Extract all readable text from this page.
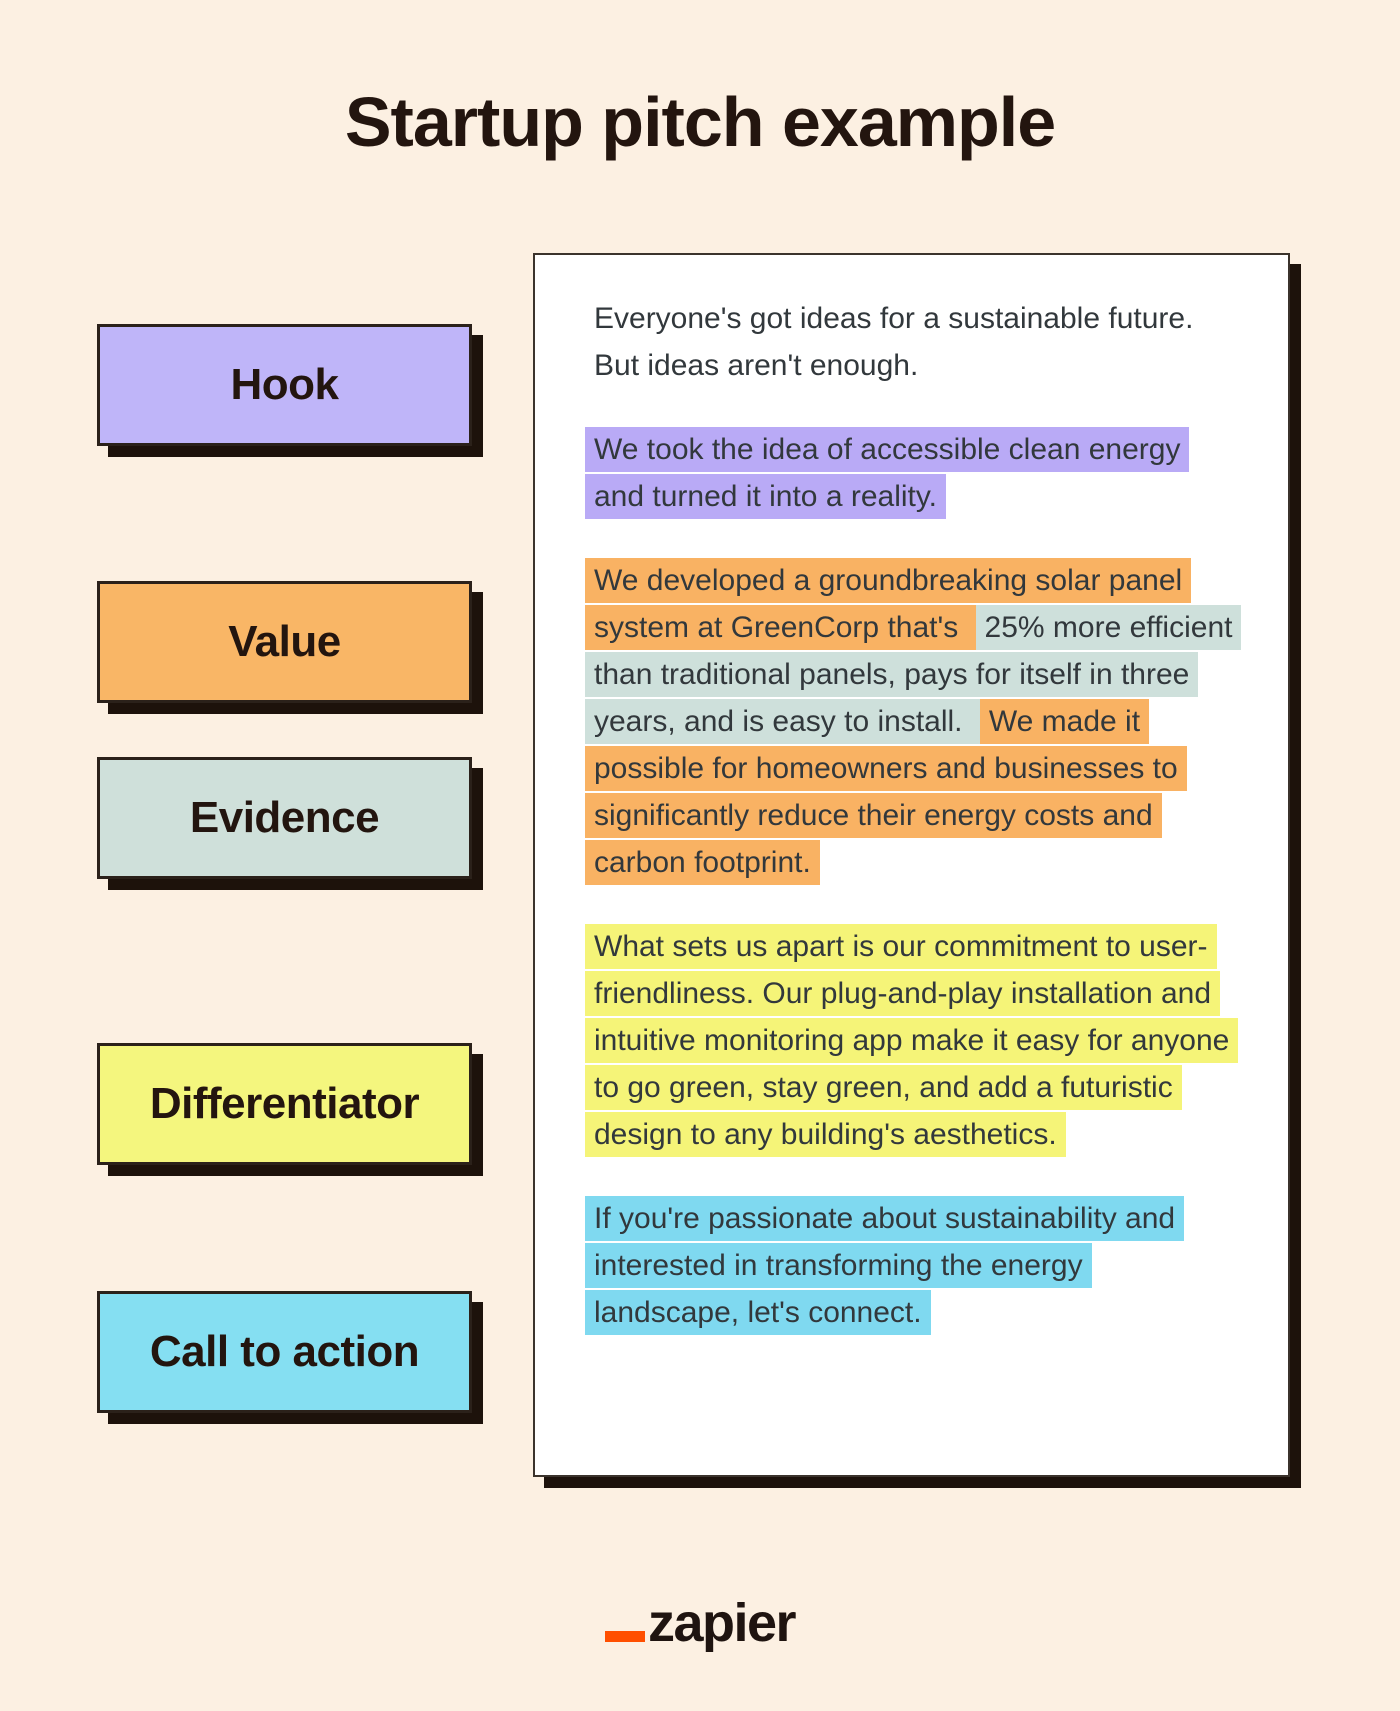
Startup pitch example
Hook
Value
Evidence
Differentiator
Call to action

Everyone's got ideas for a sustainable future. But ideas aren't enough.

We took the idea of accessible clean energy and turned it into a reality.

We developed a groundbreaking solar panel system at GreenCorp that's 25% more efficient than traditional panels, pays for itself in three years, and is easy to install. We made it possible for homeowners and businesses to significantly reduce their energy costs and carbon footprint.

What sets us apart is our commitment to user-friendliness. Our plug-and-play installation and intuitive monitoring app make it easy for anyone to go green, stay green, and add a futuristic design to any building's aesthetics.

If you're passionate about sustainability and interested in transforming the energy landscape, let's connect.

zapier
